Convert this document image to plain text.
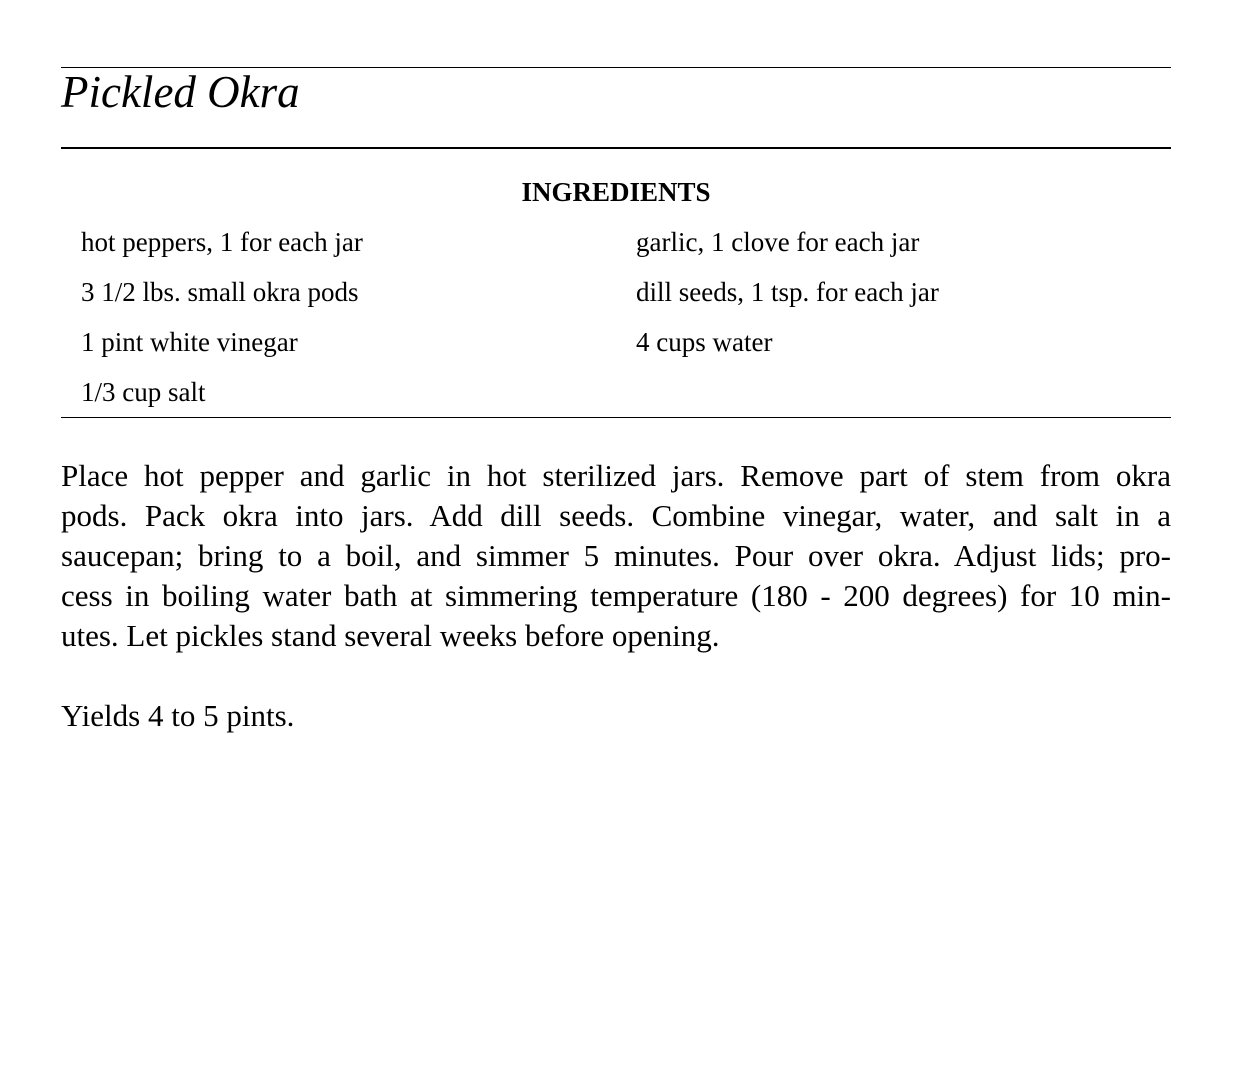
Pickled Okra
INGREDIENTS
hot peppers, 1 for each jar
3 1/2 lbs. small okra pods
1 pint white vinegar
1/3 cup salt
garlic, 1 clove for each jar
dill seeds, 1 tsp. for each jar
4 cups water
Place hot pepper and garlic in hot sterilized jars. Remove part of stem from okra
pods. Pack okra into jars. Add dill seeds. Combine vinegar, water, and salt in a
saucepan; bring to a boil, and simmer 5 minutes. Pour over okra. Adjust lids; pro-
cess in boiling water bath at simmering temperature (180 - 200 degrees) for 10 min-
utes. Let pickles stand several weeks before opening.

Yields 4 to 5 pints.
